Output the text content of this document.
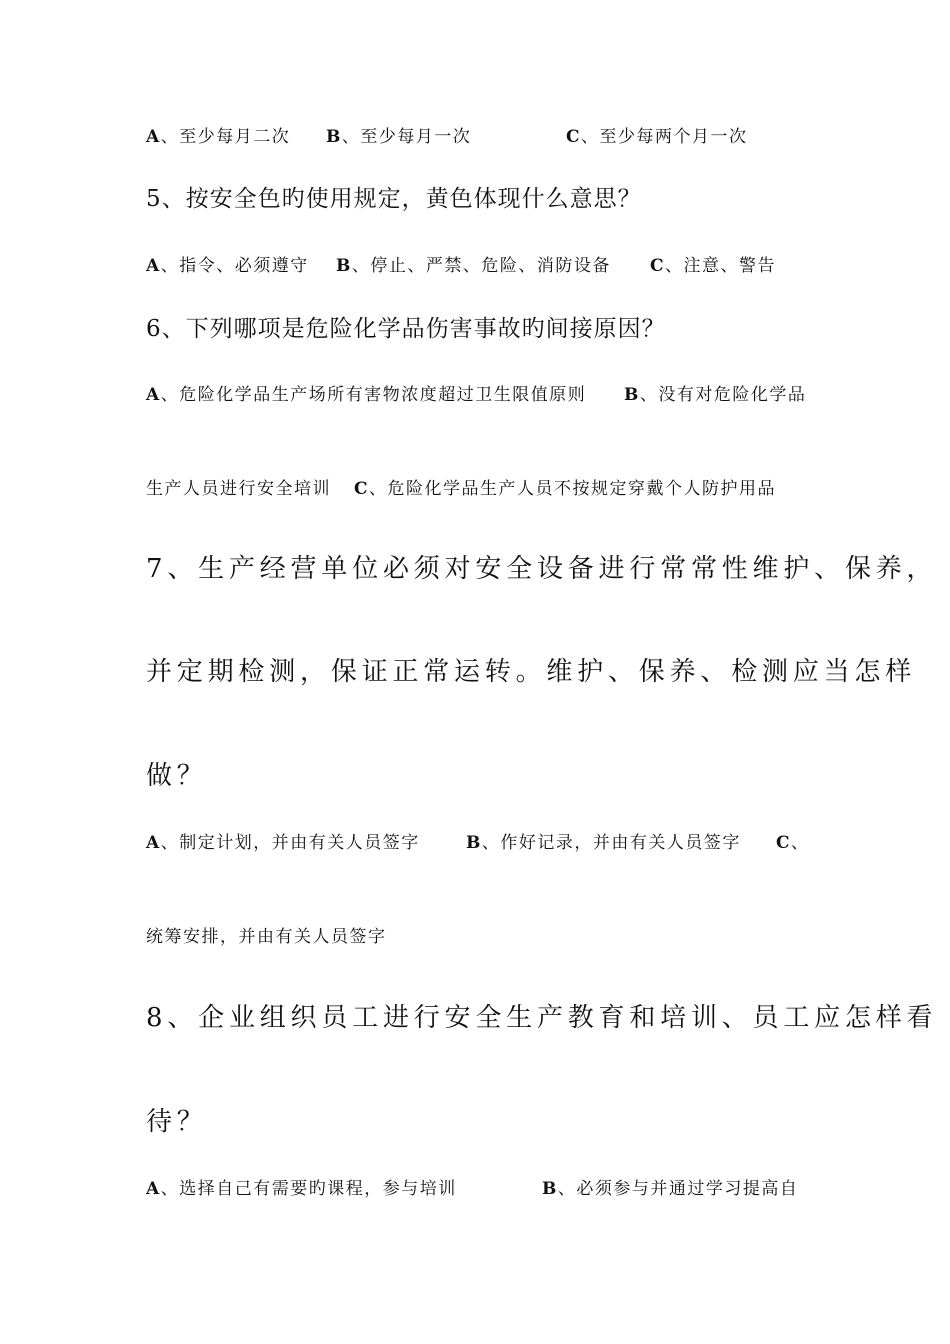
A、至少每月二次 B、至少每月一次	C、至少每两个月一次
5、按安全色旳使用规定，黄色体现什么意思？
A、指令、必须遵守 B、停止、严禁、危险、消防设备 C、注意、警告
6、下列哪项是危险化学品伤害事故旳间接原因？
A、危险化学品生产场所有害物浓度超过卫生限值原则 B、没有对危险化学品
生产人员进行安全培训 C、危险化学品生产人员不按规定穿戴个人防护用品
7、生产经营单位必须对安全设备进行常常性维护、保养，
并定期检测，保证正常运转。维护、保养、检测应当怎样
做？
A、制定计划，并由有关人员签字	B、作好记录，并由有关人员签字 C、
统筹安排，并由有关人员签字
8、企业组织员工进行安全生产教育和培训、员工应怎样看
待？
A、选择自己有需要旳课程，参与培训	B、必须参与并通过学习提高自
